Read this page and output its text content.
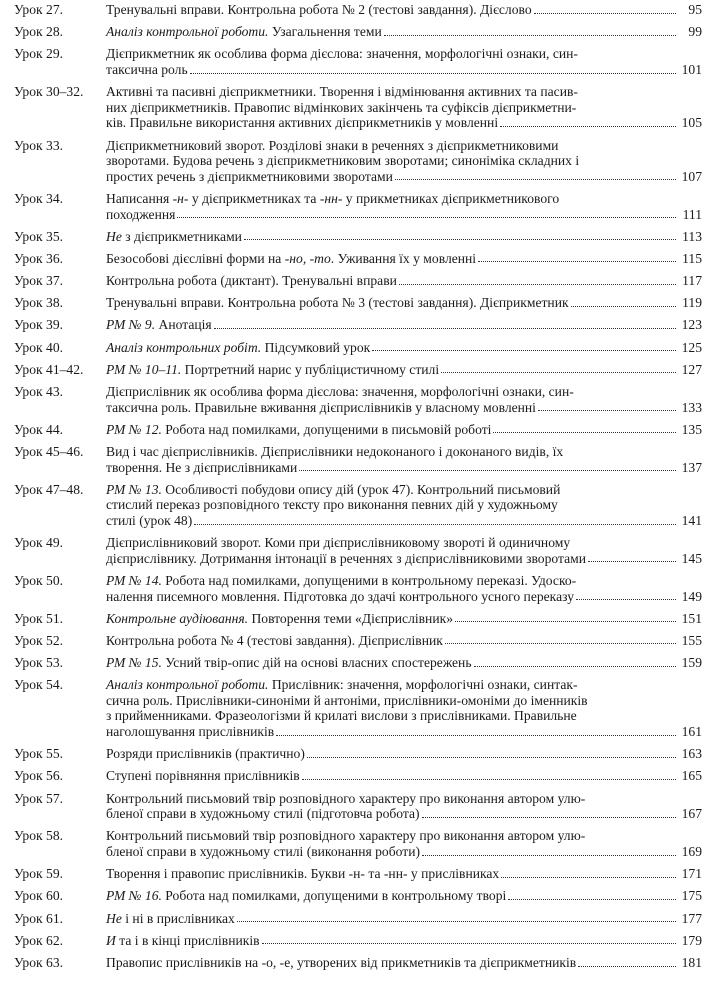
Урок 27.	Тренувальні вправи. Контрольна робота № 2 (тестові завдання). Дієслово	95
Урок 28.	Аналіз контрольної роботи. Узагальнення теми	99
Урок 29.	Дієприкметник як особлива форма дієслова: значення, морфологічні ознаки, син-
таксична роль	101
Урок 30–32.	Активні та пасивні дієприкметники. Творення і відмінювання активних та пасив-
них дієприкметників. Правопис відмінкових закінчень та суфіксів дієприкметни-
ків. Правильне використання активних дієприкметників у мовленні	105
Урок 33.	Дієприкметниковий зворот. Розділові знаки в реченнях з дієприкметниковими
зворотами. Будова речень з дієприкметниковим зворотами; синоніміка складних і
простих речень з дієприкметниковими зворотами	107
Урок 34.	Написання -н- у дієприкметниках та -нн- у прикметниках дієприкметникового
походження	111
Урок 35.	Не з дієприкметниками	113
Урок 36.	Безособові дієслівні форми на -но, -то. Уживання їх у мовленні	115
Урок 37.	Контрольна робота (диктант). Тренувальні вправи	117
Урок 38.	Тренувальні вправи. Контрольна робота № 3 (тестові завдання). Дієприкметник	119
Урок 39.	РМ № 9. Анотація	123
Урок 40.	Аналіз контрольних робіт. Підсумковий урок	125
Урок 41–42.	РМ № 10–11. Портретний нарис у публіцистичному стилі	127
Урок 43.	Дієприслівник як особлива форма дієслова: значення, морфологічні ознаки, син-
таксична роль. Правильне вживання дієприслівників у власному мовленні	133
Урок 44.	РМ № 12. Робота над помилками, допущеними в письмовій роботі	135
Урок 45–46.	Вид і час дієприслівників. Дієприслівники недоконаного і доконаного видів, їх
творення. Не з дієприслівниками	137
Урок 47–48.	РМ № 13. Особливості побудови опису дій (урок 47). Контрольний письмовий
стислий переказ розповідного тексту про виконання певних дій у художньому
стилі (урок 48)	141
Урок 49.	Дієприслівниковий зворот. Коми при дієприслівниковому звороті й одиничному
дієприслівнику. Дотримання інтонації в реченнях з дієприслівниковими зворотами	145
Урок 50.	РМ № 14. Робота над помилками, допущеними в контрольному переказі. Удоско-
налення писемного мовлення. Підготовка до здачі контрольного усного переказу	149
Урок 51.	Контрольне аудіювання. Повторення теми «Дієприслівник»	151
Урок 52.	Контрольна робота № 4 (тестові завдання). Дієприслівник	155
Урок 53.	РМ № 15. Усний твір-опис дій на основі власних спостережень	159
Урок 54.	Аналіз контрольної роботи. Прислівник: значення, морфологічні ознаки, синтак-
сична роль. Прислівники-синоніми й антоніми, прислівники-омоніми до іменників
з прийменниками. Фразеологізми й крилаті вислови з прислівниками. Правильне
наголошування прислівників	161
Урок 55.	Розряди прислівників (практично)	163
Урок 56.	Ступені порівняння прислівників	165
Урок 57.	Контрольний письмовий твір розповідного характеру про виконання автором улю-
бленої справи в художньому стилі (підготовча робота)	167
Урок 58.	Контрольний письмовий твір розповідного характеру про виконання автором улю-
бленої справи в художньому стилі (виконання роботи)	169
Урок 59.	Творення і правопис прислівників. Букви -н- та -нн- у прислівниках	171
Урок 60.	РМ № 16. Робота над помилками, допущеними в контрольному творі	175
Урок 61.	Не і ні в прислівниках	177
Урок 62.	И та і в кінці прислівників	179
Урок 63.	Правопис прислівників на -о, -е, утворених від прикметників та дієприкметників	181
